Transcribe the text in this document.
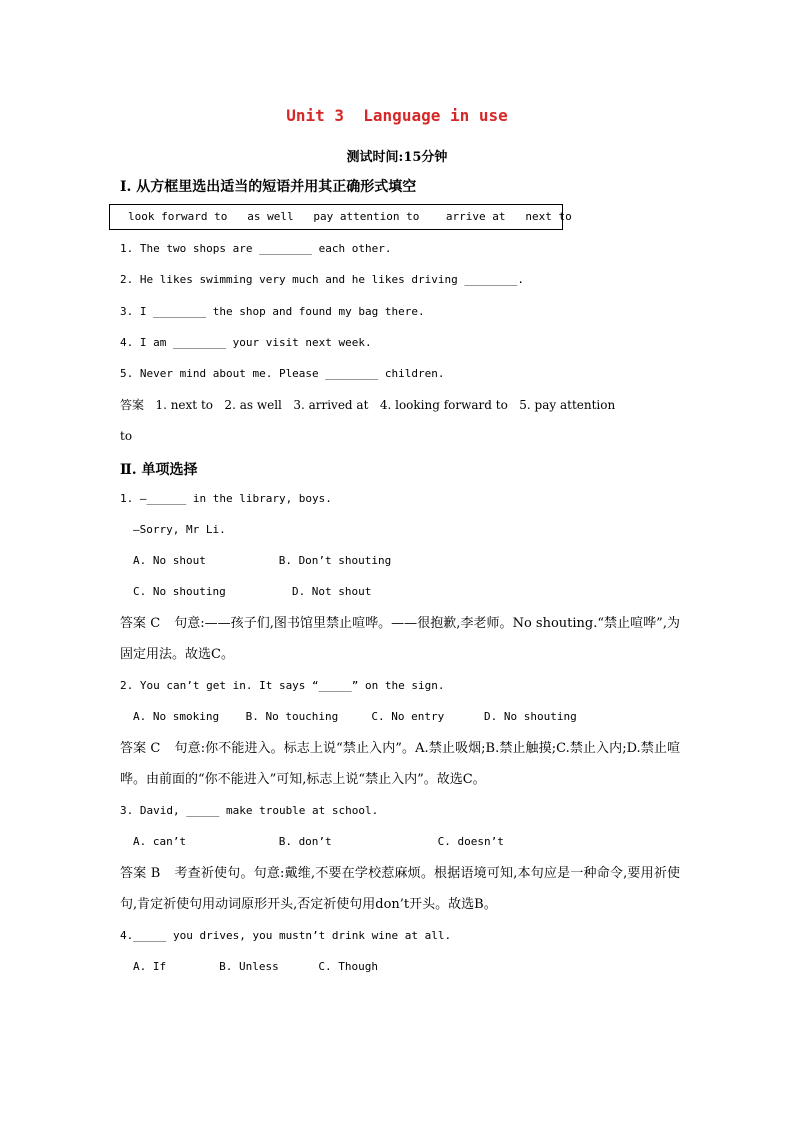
Unit 3  Language in use
测试时间:15分钟
Ⅰ. 从方框里选出适当的短语并用其正确形式填空
look forward to   as well   pay attention to    arrive at   next to
1. The two shops are ________ each other.
2. He likes swimming very much and he likes driving ________.
3. I ________ the shop and found my bag there.
4. I am ________ your visit next week.
5. Never mind about me. Please ________ children.
答案   1. next to   2. as well   3. arrived at   4. looking forward to   5. pay attention
to
Ⅱ. 单项选择
1. —______ in the library, boys.
—Sorry, Mr Li.
A. No shout           B. Don’t shouting
C. No shouting          D. Not shout
答案 C 句意:——孩子们,图书馆里禁止喧哗。——很抱歉,李老师。No shouting.“禁止喧哗”,为固定用法。故选C。
2. You can’t get in. It says “_____” on the sign.
A. No smoking    B. No touching     C. No entry      D. No shouting
答案 C 句意:你不能进入。标志上说“禁止入内”。A.禁止吸烟;B.禁止触摸;C.禁止入内;D.禁止喧哗。由前面的“你不能进入”可知,标志上说“禁止入内”。故选C。
3. David, _____ make trouble at school.
A. can’t              B. don’t                C. doesn’t
答案 B 考查祈使句。句意:戴维,不要在学校惹麻烦。根据语境可知,本句应是一种命令,要用祈使句,肯定祈使句用动词原形开头,否定祈使句用don’t开头。故选B。
4._____ you drives, you mustn’t drink wine at all.
A. If        B. Unless      C. Though
